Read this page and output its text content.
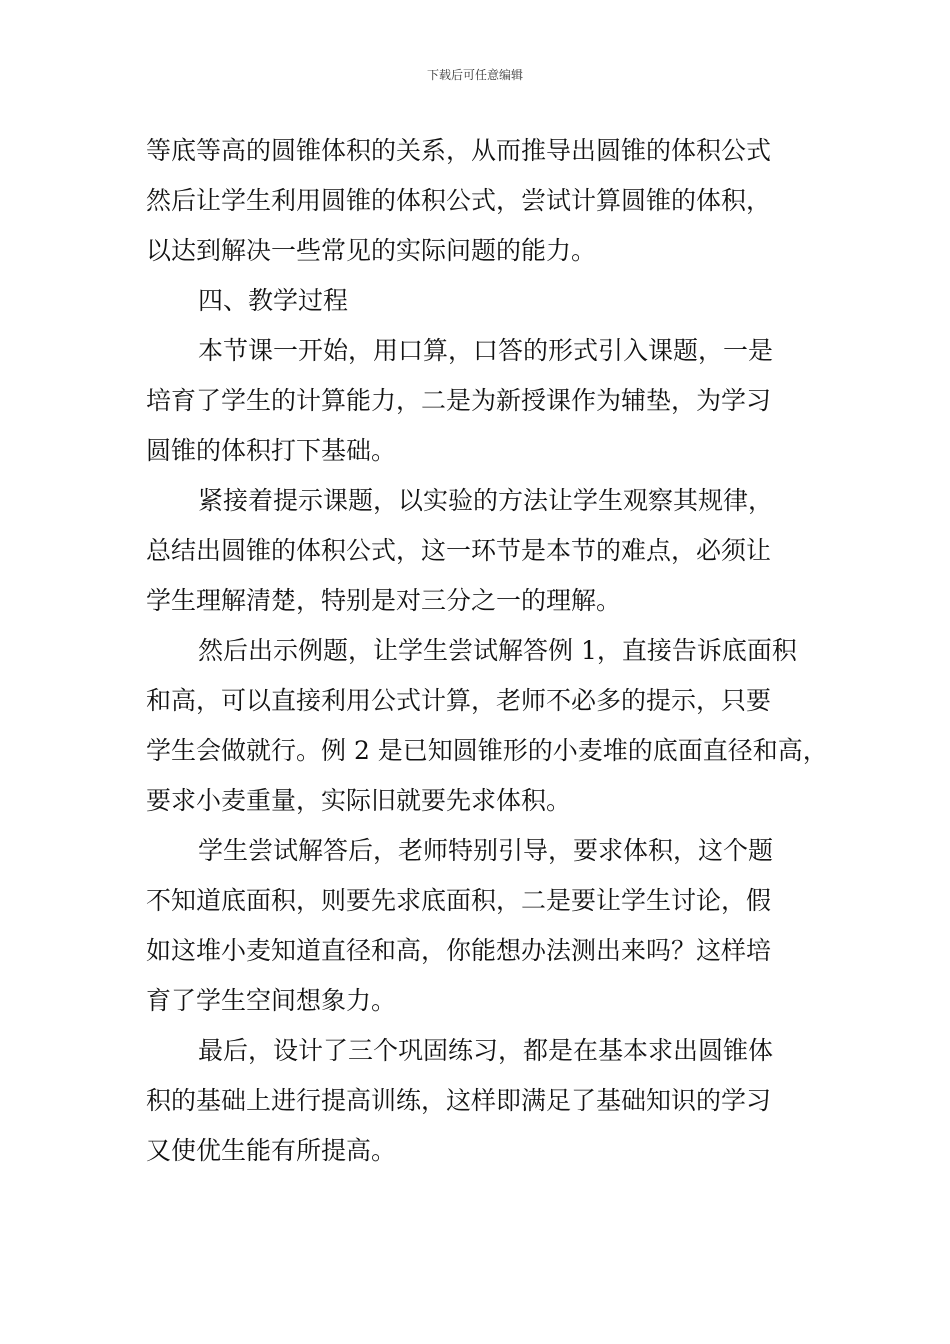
下载后可任意编辑

等底等高的圆锥体积的关系，从而推导出圆锥的体积公式

然后让学生利用圆锥的体积公式，尝试计算圆锥的体积，

以达到解决一些常见的实际问题的能力。

四、教学过程

本节课一开始，用口算，口答的形式引入课题，一是

培育了学生的计算能力，二是为新授课作为辅垫，为学习

圆锥的体积打下基础。

紧接着提示课题，以实验的方法让学生观察其规律，

总结出圆锥的体积公式，这一环节是本节的难点，必须让

学生理解清楚，特别是对三分之一的理解。

然后出示例题，让学生尝试解答例 1，直接告诉底面积

和高，可以直接利用公式计算，老师不必多的提示，只要

学生会做就行。例 2 是已知圆锥形的小麦堆的底面直径和高，

要求小麦重量，实际旧就要先求体积。

学生尝试解答后，老师特别引导，要求体积，这个题

不知道底面积，则要先求底面积，二是要让学生讨论，假

如这堆小麦知道直径和高，你能想办法测出来吗？这样培

育了学生空间想象力。

最后，设计了三个巩固练习，都是在基本求出圆锥体

积的基础上进行提高训练，这样即满足了基础知识的学习

又使优生能有所提高。
